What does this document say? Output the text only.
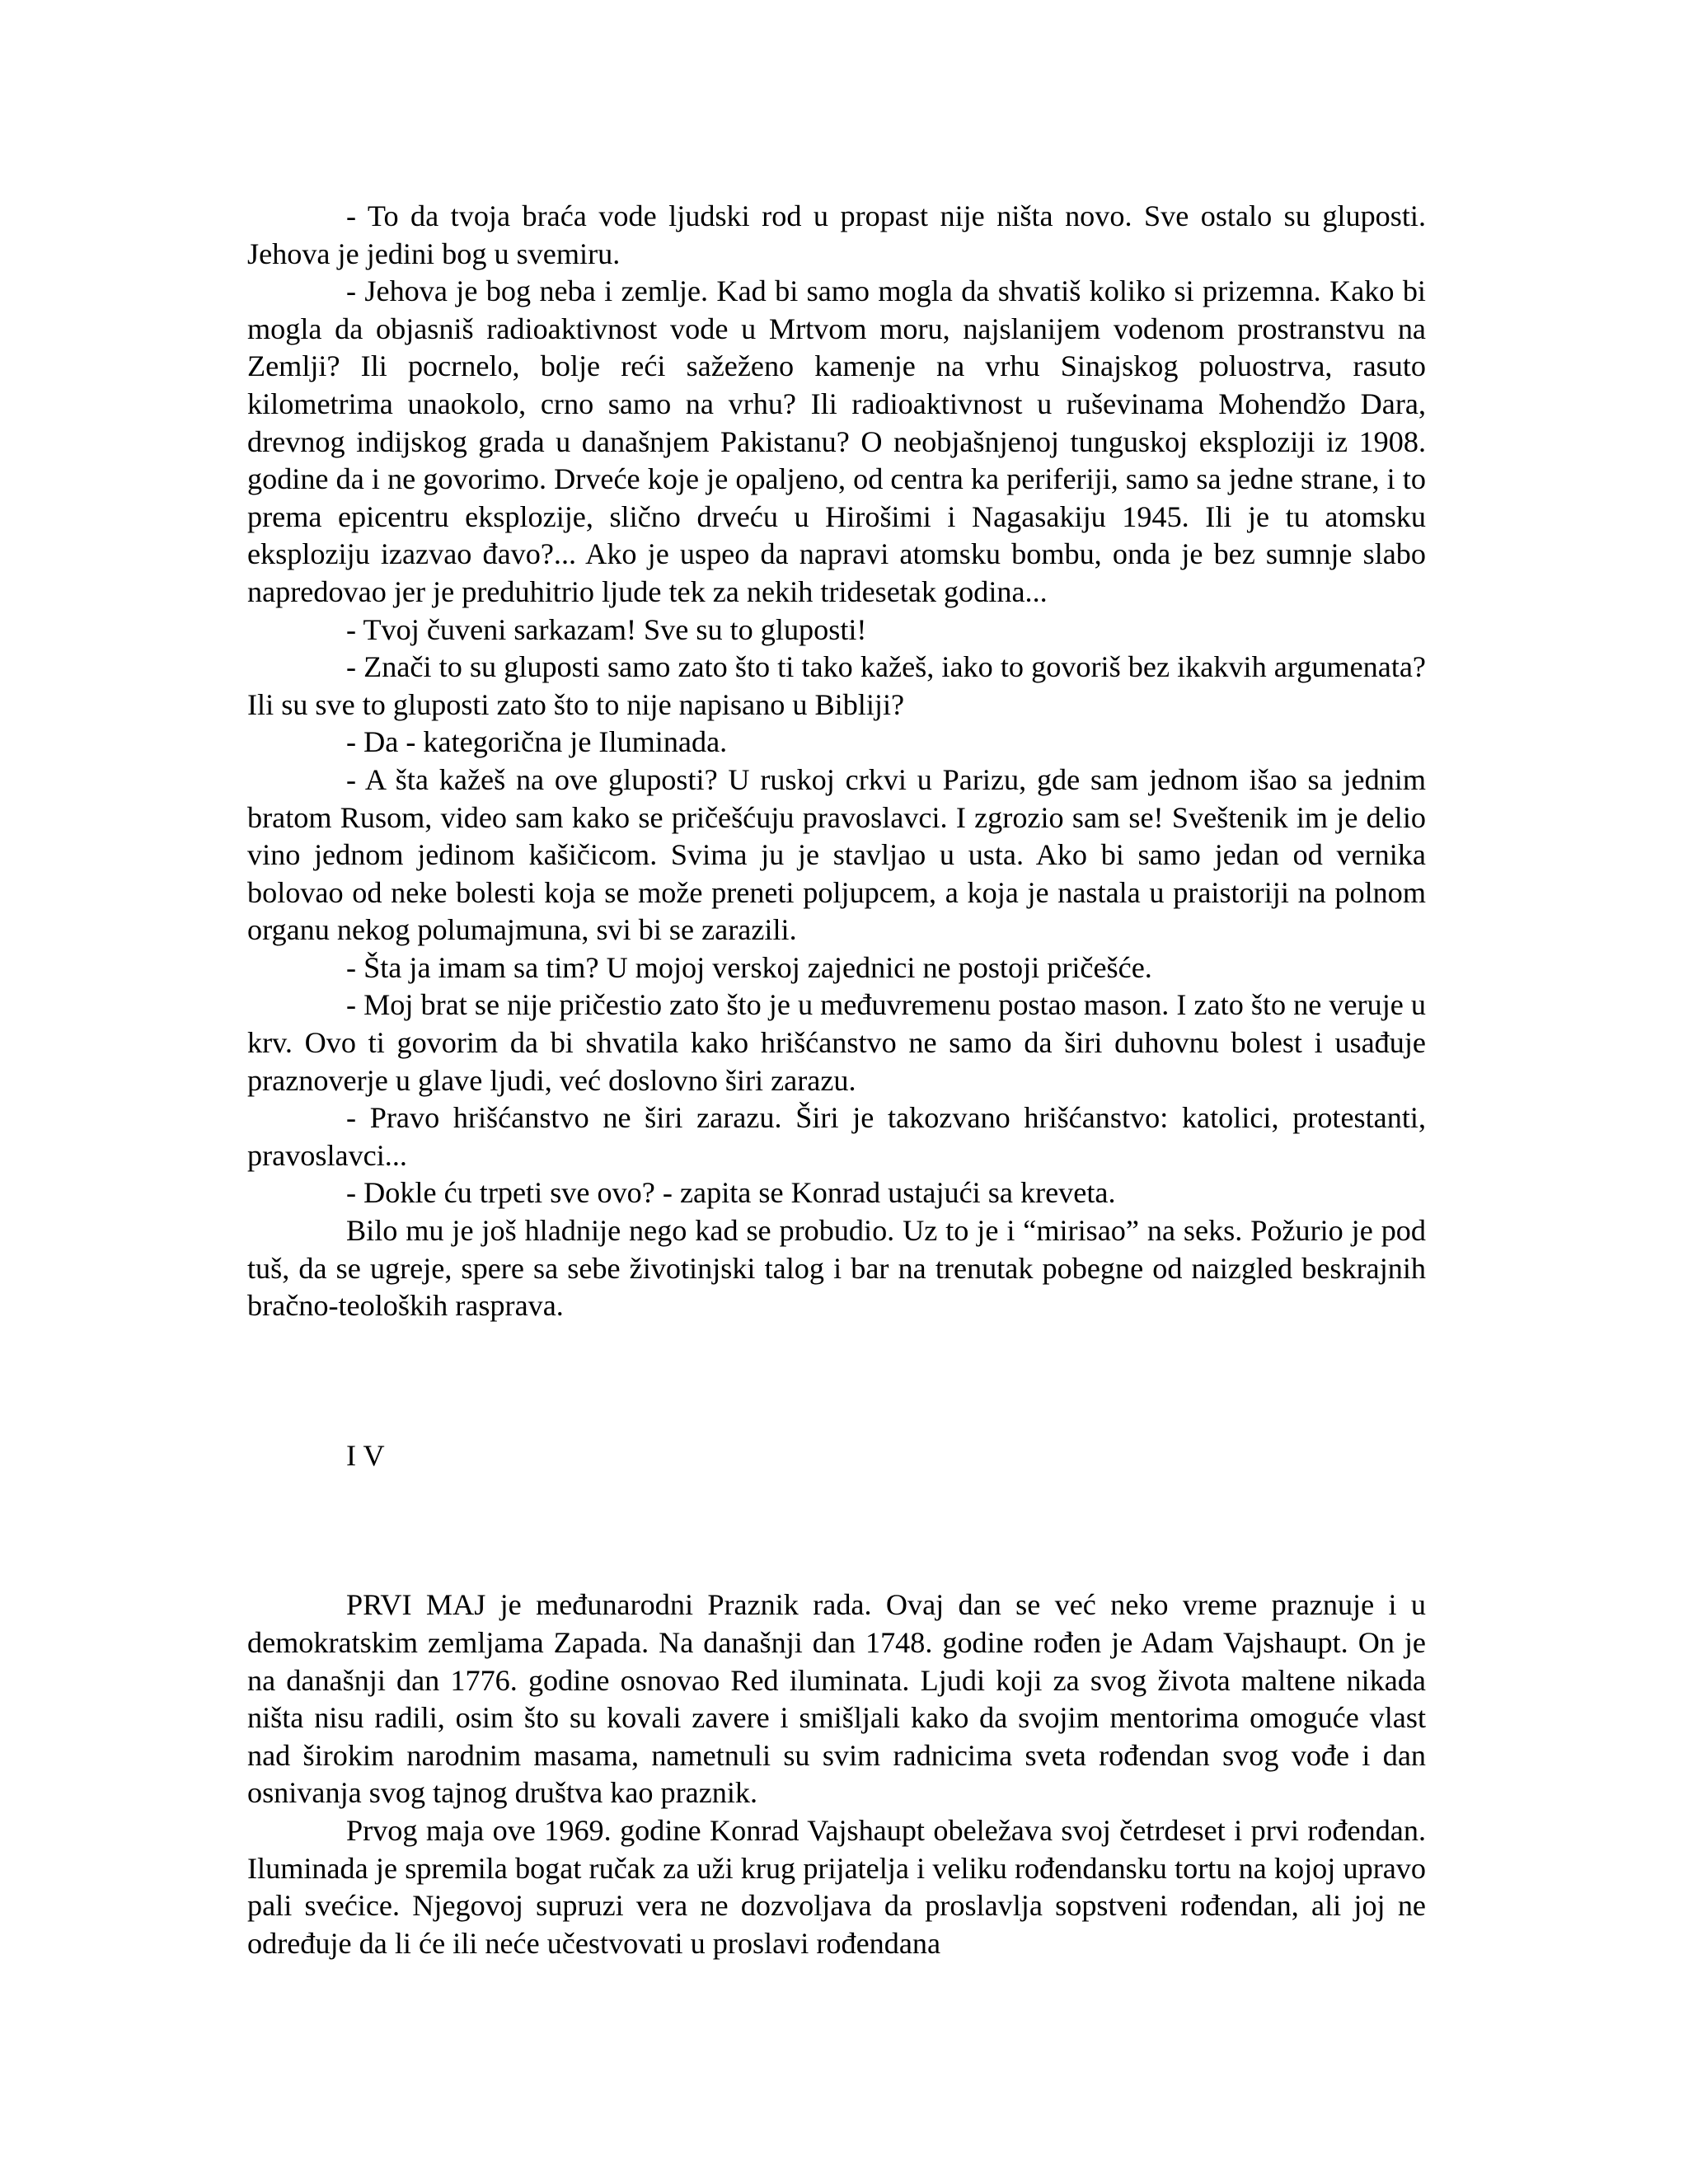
- To da tvoja braća vode ljudski rod u propast nije ništa novo. Sve ostalo su gluposti. Jehova je jedini bog u svemiru.

- Jehova je bog neba i zemlje. Kad bi samo mogla da shvatiš koliko si prizemna. Kako bi mogla da objasniš radioaktivnost vode u Mrtvom moru, najslanijem vodenom prostranstvu na Zemlji? Ili pocrnelo, bolje reći sažeženo kamenje na vrhu Sinajskog poluostrva, rasuto kilometrima unaokolo, crno samo na vrhu? Ili radioaktivnost u ruševinama Mohendžo Dara, drevnog indijskog grada u današnjem Pakistanu? O neobjašnjenoj tunguskoj eksploziji iz 1908. godine da i ne govorimo. Drveće koje je opaljeno, od centra ka periferiji, samo sa jedne strane, i to prema epicentru eksplozije, slično drveću u Hirošimi i Nagasakiju 1945. Ili je tu atomsku eksploziju izazvao đavo?... Ako je uspeo da napravi atomsku bombu, onda je bez sumnje slabo napredovao jer je preduhitrio ljude tek za nekih tridesetak godina...

- Tvoj čuveni sarkazam! Sve su to gluposti!

- Znači to su gluposti samo zato što ti tako kažeš, iako to govoriš bez ikakvih argumenata? Ili su sve to gluposti zato što to nije napisano u Bibliji?

- Da - kategorična je Iluminada.

- A šta kažeš na ove gluposti? U ruskoj crkvi u Parizu, gde sam jednom išao sa jednim bratom Rusom, video sam kako se pričešćuju pravoslavci. I zgrozio sam se! Sveštenik im je delio vino jednom jedinom kašičicom. Svima ju je stavljao u usta. Ako bi samo jedan od vernika bolovao od neke bolesti koja se može preneti poljupcem, a koja je nastala u praistoriji na polnom organu nekog polumajmuna, svi bi se zarazili.

- Šta ja imam sa tim? U mojoj verskoj zajednici ne postoji pričešće.

- Moj brat se nije pričestio zato što je u međuvremenu postao mason. I zato što ne veruje u krv. Ovo ti govorim da bi shvatila kako hrišćanstvo ne samo da širi duhovnu bolest i usađuje praznoverje u glave ljudi, već doslovno širi zarazu.

- Pravo hrišćanstvo ne širi zarazu. Širi je takozvano hrišćanstvo: katolici, protestanti, pravoslavci...

- Dokle ću trpeti sve ovo? - zapita se Konrad ustajući sa kreveta.

Bilo mu je još hladnije nego kad se probudio. Uz to je i “mirisao” na seks. Požurio je pod tuš, da se ugreje, spere sa sebe životinjski talog i bar na trenutak pobegne od naizgled beskrajnih bračno-teoloških rasprava.

I V

PRVI MAJ je međunarodni Praznik rada. Ovaj dan se već neko vreme praznuje i u demokratskim zemljama Zapada. Na današnji dan 1748. godine rođen je Adam Vajshaupt. On je na današnji dan 1776. godine osnovao Red iluminata. Ljudi koji za svog života maltene nikada ništa nisu radili, osim što su kovali zavere i smišljali kako da svojim mentorima omoguće vlast nad širokim narodnim masama, nametnuli su svim radnicima sveta rođendan svog vođe i dan osnivanja svog tajnog društva kao praznik.

Prvog maja ove 1969. godine Konrad Vajshaupt obeležava svoj četrdeset i prvi rođendan. Iluminada je spremila bogat ručak za uži krug prijatelja i veliku rođendansku tortu na kojoj upravo pali svećice. Njegovoj supruzi vera ne dozvoljava da proslavlja sopstveni rođendan, ali joj ne određuje da li će ili neće učestvovati u proslavi rođendana
